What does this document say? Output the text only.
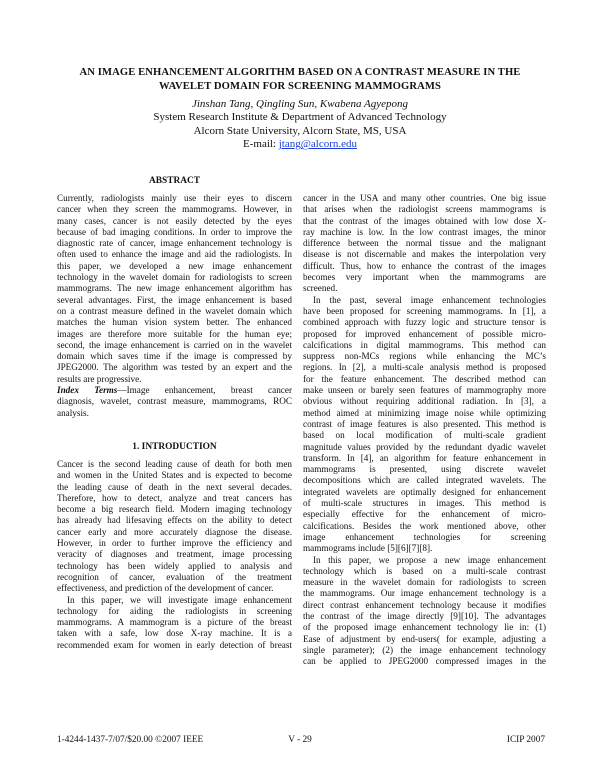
AN IMAGE ENHANCEMENT ALGORITHM BASED ON A CONTRAST MEASURE IN THE
WAVELET DOMAIN FOR SCREENING MAMMOGRAMS
Jinshan Tang, Qingling Sun, Kwabena Agyepong
System Research Institute & Department of Advanced Technology
Alcorn State University, Alcorn State, MS, USA
E-mail: jtang@alcorn.edu
ABSTRACT
Currently, radiologists mainly use their eyes to discern
cancer when they screen the mammograms. However, in
many cases, cancer is not easily detected by the eyes
because of bad imaging conditions. In order to improve the
diagnostic rate of cancer, image enhancement technology is
often used to enhance the image and aid the radiologists. In
this paper, we developed a new image enhancement
technology in the wavelet domain for radiologists to screen
mammograms. The new image enhancement algorithm has
several advantages. First, the image enhancement is based
on a contrast measure defined in the wavelet domain which
matches the human vision system better. The enhanced
images are therefore more suitable for the human eye;
second, the image enhancement is carried on in the wavelet
domain which saves time if the image is compressed by
JPEG2000. The algorithm was tested by an expert and the
results are progressive.
Index Terms—Image enhancement, breast cancer
diagnosis, wavelet, contrast measure, mammograms, ROC
analysis.
1. INTRODUCTION
Cancer is the second leading cause of death for both men
and women in the United States and is expected to become
the leading cause of death in the next several decades.
Therefore, how to detect, analyze and treat cancers has
become a big research field. Modern imaging technology
has already had lifesaving effects on the ability to detect
cancer early and more accurately diagnose the disease.
However, in order to further improve the efficiency and
veracity of diagnoses and treatment, image processing
technology has been widely applied to analysis and
recognition of cancer, evaluation of the treatment
effectiveness, and prediction of the development of cancer.
In this paper, we will investigate image enhancement
technology for aiding the radiologists in screening
mammograms. A mammogram is a picture of the breast
taken with a safe, low dose X-ray machine. It is a
recommended exam for women in early detection of breast
cancer in the USA and many other countries. One big issue
that arises when the radiologist screens mammograms is
that the contrast of the images obtained with low dose X-
ray machine is low. In the low contrast images, the minor
difference between the normal tissue and the malignant
disease is not discernable and makes the interpolation very
difficult. Thus, how to enhance the contrast of the images
becomes very important when the mammograms are
screened.
In the past, several image enhancement technologies
have been proposed for screening mammograms. In [1], a
combined approach with fuzzy logic and structure tensor is
proposed for improved enhancement of possible micro-
calcifications in digital mammograms. This method can
suppress non-MCs regions while enhancing the MC’s
regions. In [2], a multi-scale analysis method is proposed
for the feature enhancement. The described method can
make unseen or barely seen features of mammography more
obvious without requiring additional radiation. In [3], a
method aimed at minimizing image noise while optimizing
contrast of image features is also presented. This method is
based on local modification of multi-scale gradient
magnitude values provided by the redundant dyadic wavelet
transform. In [4], an algorithm for feature enhancement in
mammograms is presented, using discrete wavelet
decompositions which are called integrated wavelets. The
integrated wavelets are optimally designed for enhancement
of multi-scale structures in images. This method is
especially effective for the enhancement of micro-
calcifications. Besides the work mentioned above, other
image enhancement technologies for screening
mammograms include [5][6][7][8].
In this paper, we propose a new image enhancement
technology which is based on a multi-scale contrast
measure in the wavelet domain for radiologists to screen
the mammograms. Our image enhancement technology is a
direct contrast enhancement technology because it modifies
the contrast of the image directly [9][10]. The advantages
of the proposed image enhancement technology lie in: (1)
Ease of adjustment by end-users( for example, adjusting a
single parameter); (2) the image enhancement technology
can be applied to JPEG2000 compressed images in the
1-4244-1437-7/07/$20.00 ©2007 IEEE	V - 29	ICIP 2007
